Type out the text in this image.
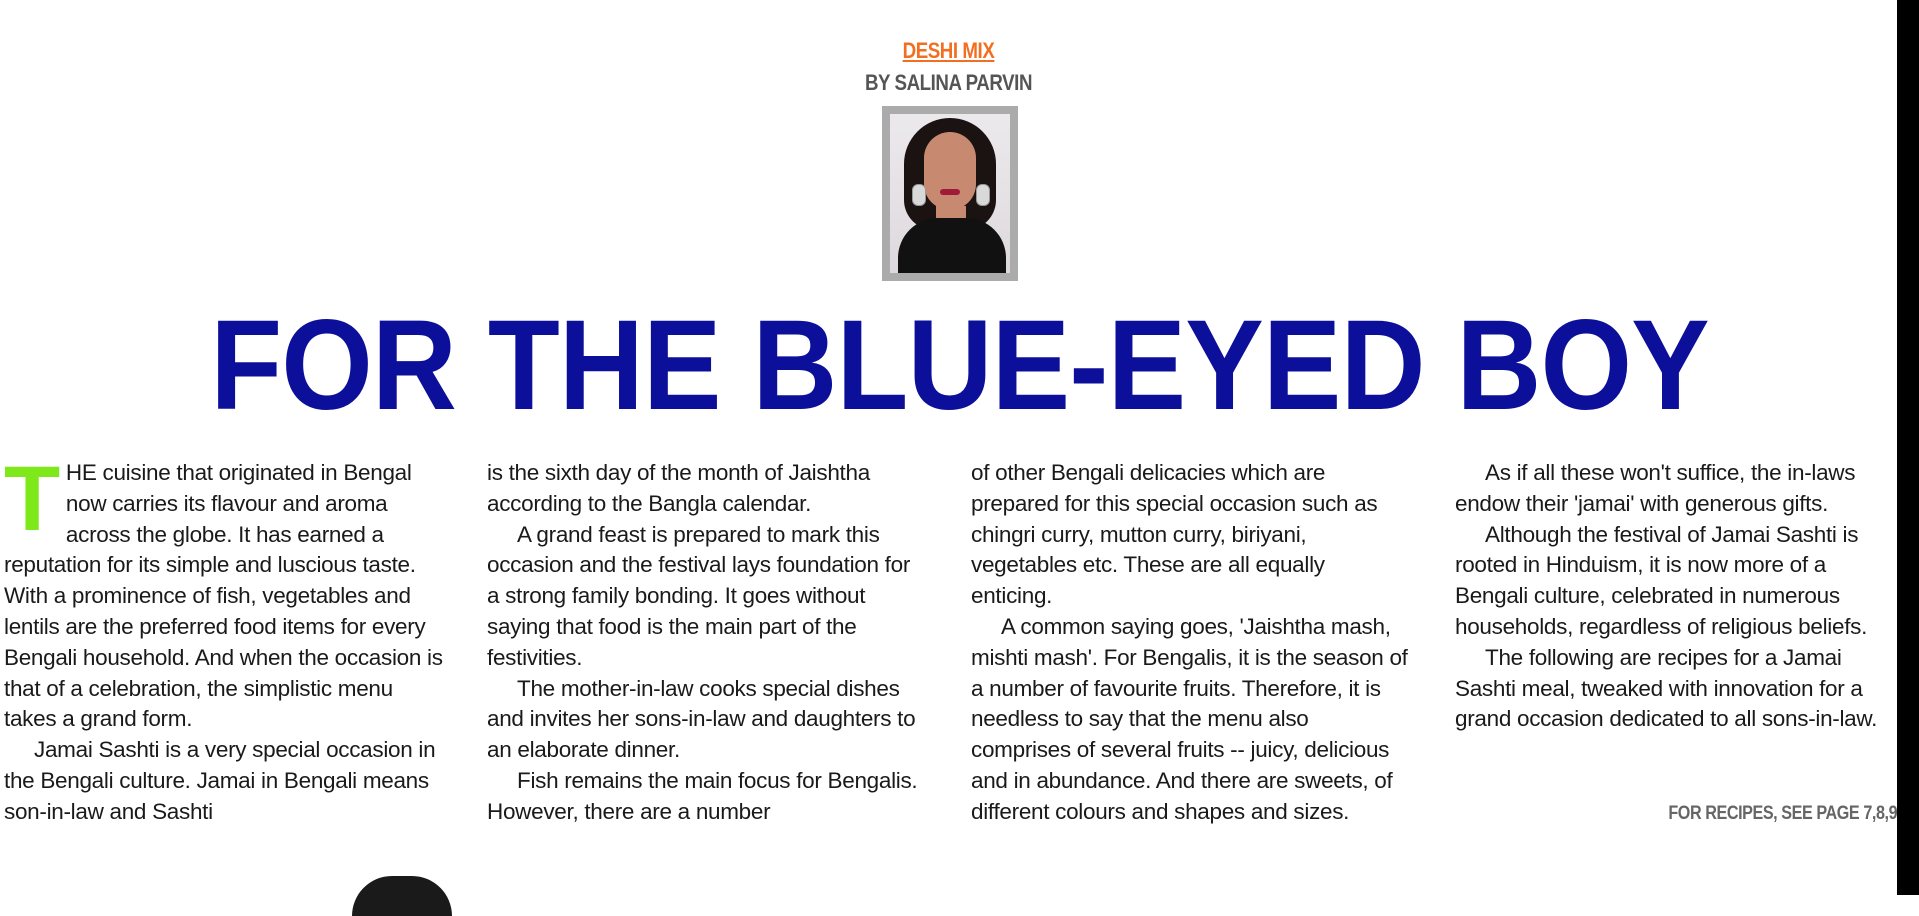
DESHI MIX
BY SALINA PARVIN
FOR THE BLUE-EYED BOY

THE cuisine that originated in Bengal now carries its flavour and aroma across the globe. It has earned a reputation for its simple and luscious taste. With a prominence of fish, vegetables and lentils are the preferred food items for every Bengali household. And when the occasion is that of a celebration, the simplistic menu takes a grand form.

Jamai Sashti is a very special occasion in the Bengali culture. Jamai in Bengali means son-in-law and Sashti

is the sixth day of the month of Jaishtha according to the Bangla calendar.

A grand feast is prepared to mark this occasion and the festival lays foundation for a strong family bonding. It goes without saying that food is the main part of the festivities.

The mother-in-law cooks special dishes and invites her sons-in-law and daughters to an elaborate dinner.

Fish remains the main focus for Bengalis. However, there are a number

of other Bengali delicacies which are prepared for this special occasion such as chingri curry, mutton curry, biriyani, vegetables etc. These are all equally enticing.

A common saying goes, 'Jaishtha mash, mishti mash'. For Bengalis, it is the season of a number of favourite fruits. Therefore, it is needless to say that the menu also comprises of several fruits -- juicy, delicious and in abundance. And there are sweets, of different colours and shapes and sizes.

As if all these won't suffice, the in-laws endow their 'jamai' with generous gifts.

Although the festival of Jamai Sashti is rooted in Hinduism, it is now more of a Bengali culture, celebrated in numerous households, regardless of religious beliefs.

The following are recipes for a Jamai Sashti meal, tweaked with innovation for a grand occasion dedicated to all sons-in-law.

FOR RECIPES, SEE PAGE 7,8,9
